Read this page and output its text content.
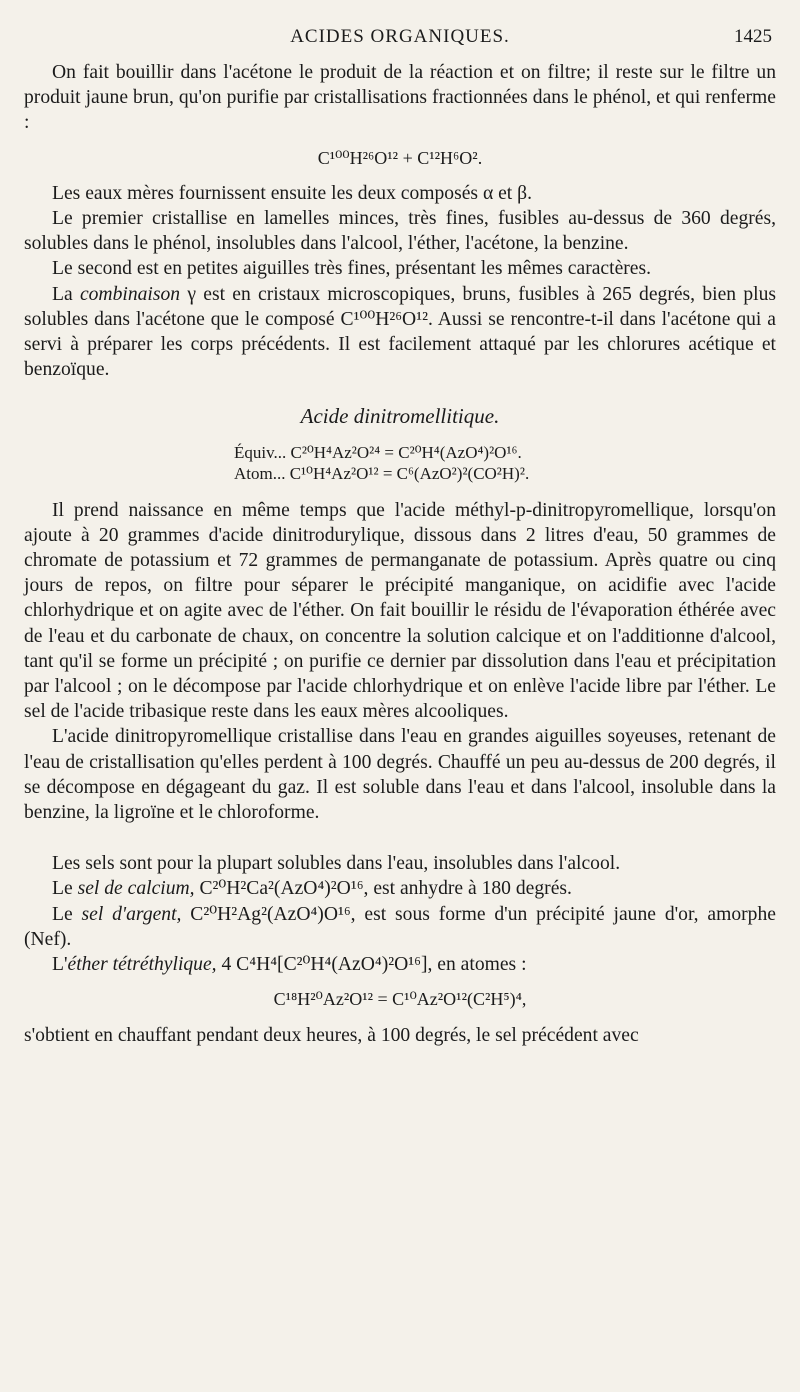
ACIDES ORGANIQUES.	1425

On fait bouillir dans l'acétone le produit de la réaction et on filtre; il reste sur le filtre un produit jaune brun, qu'on purifie par cristallisations fractionnées dans le phénol, et qui renferme :

C¹⁰⁰H²⁶O¹² + C¹²H⁶O².

Les eaux mères fournissent ensuite les deux composés α et β.

Le premier cristallise en lamelles minces, très fines, fusibles au-dessus de 360 degrés, solubles dans le phénol, insolubles dans l'alcool, l'éther, l'acétone, la benzine.

Le second est en petites aiguilles très fines, présentant les mêmes caractères.

La combinaison γ est en cristaux microscopiques, bruns, fusibles à 265 degrés, bien plus solubles dans l'acétone que le composé C¹⁰⁰H²⁶O¹². Aussi se rencontre-t-il dans l'acétone qui a servi à préparer les corps précédents. Il est facilement attaqué par les chlorures acétique et benzoïque.

Acide dinitromellitique.
Équiv... C²⁰H⁴Az²O²⁴ = C²⁰H⁴(AzO⁴)²O¹⁶.
Atom... C¹⁰H⁴Az²O¹² = C⁶(AzO²)²(CO²H)².

Il prend naissance en même temps que l'acide méthyl-p-dinitropyromellique, lorsqu'on ajoute à 20 grammes d'acide dinitrodurylique, dissous dans 2 litres d'eau, 50 grammes de chromate de potassium et 72 grammes de permanganate de potassium. Après quatre ou cinq jours de repos, on filtre pour séparer le précipité manganique, on acidifie avec l'acide chlorhydrique et on agite avec de l'éther. On fait bouillir le résidu de l'évaporation éthérée avec de l'eau et du carbonate de chaux, on concentre la solution calcique et on l'additionne d'alcool, tant qu'il se forme un précipité ; on purifie ce dernier par dissolution dans l'eau et précipitation par l'alcool ; on le décompose par l'acide chlorhydrique et on enlève l'acide libre par l'éther. Le sel de l'acide tribasique reste dans les eaux mères alcooliques.

L'acide dinitropyromellique cristallise dans l'eau en grandes aiguilles soyeuses, retenant de l'eau de cristallisation qu'elles perdent à 100 degrés. Chauffé un peu au-dessus de 200 degrés, il se décompose en dégageant du gaz. Il est soluble dans l'eau et dans l'alcool, insoluble dans la benzine, la ligroïne et le chloroforme.

Les sels sont pour la plupart solubles dans l'eau, insolubles dans l'alcool.

Le sel de calcium, C²⁰H²Ca²(AzO⁴)²O¹⁶, est anhydre à 180 degrés.

Le sel d'argent, C²⁰H²Ag²(AzO⁴)O¹⁶, est sous forme d'un précipité jaune d'or, amorphe (Nef).

L'éther tétréthylique, 4 C⁴H⁴[C²⁰H⁴(AzO⁴)²O¹⁶], en atomes :

C¹⁸H²⁰Az²O¹² = C¹⁰Az²O¹²(C²H⁵)⁴,

s'obtient en chauffant pendant deux heures, à 100 degrés, le sel précédent avec
